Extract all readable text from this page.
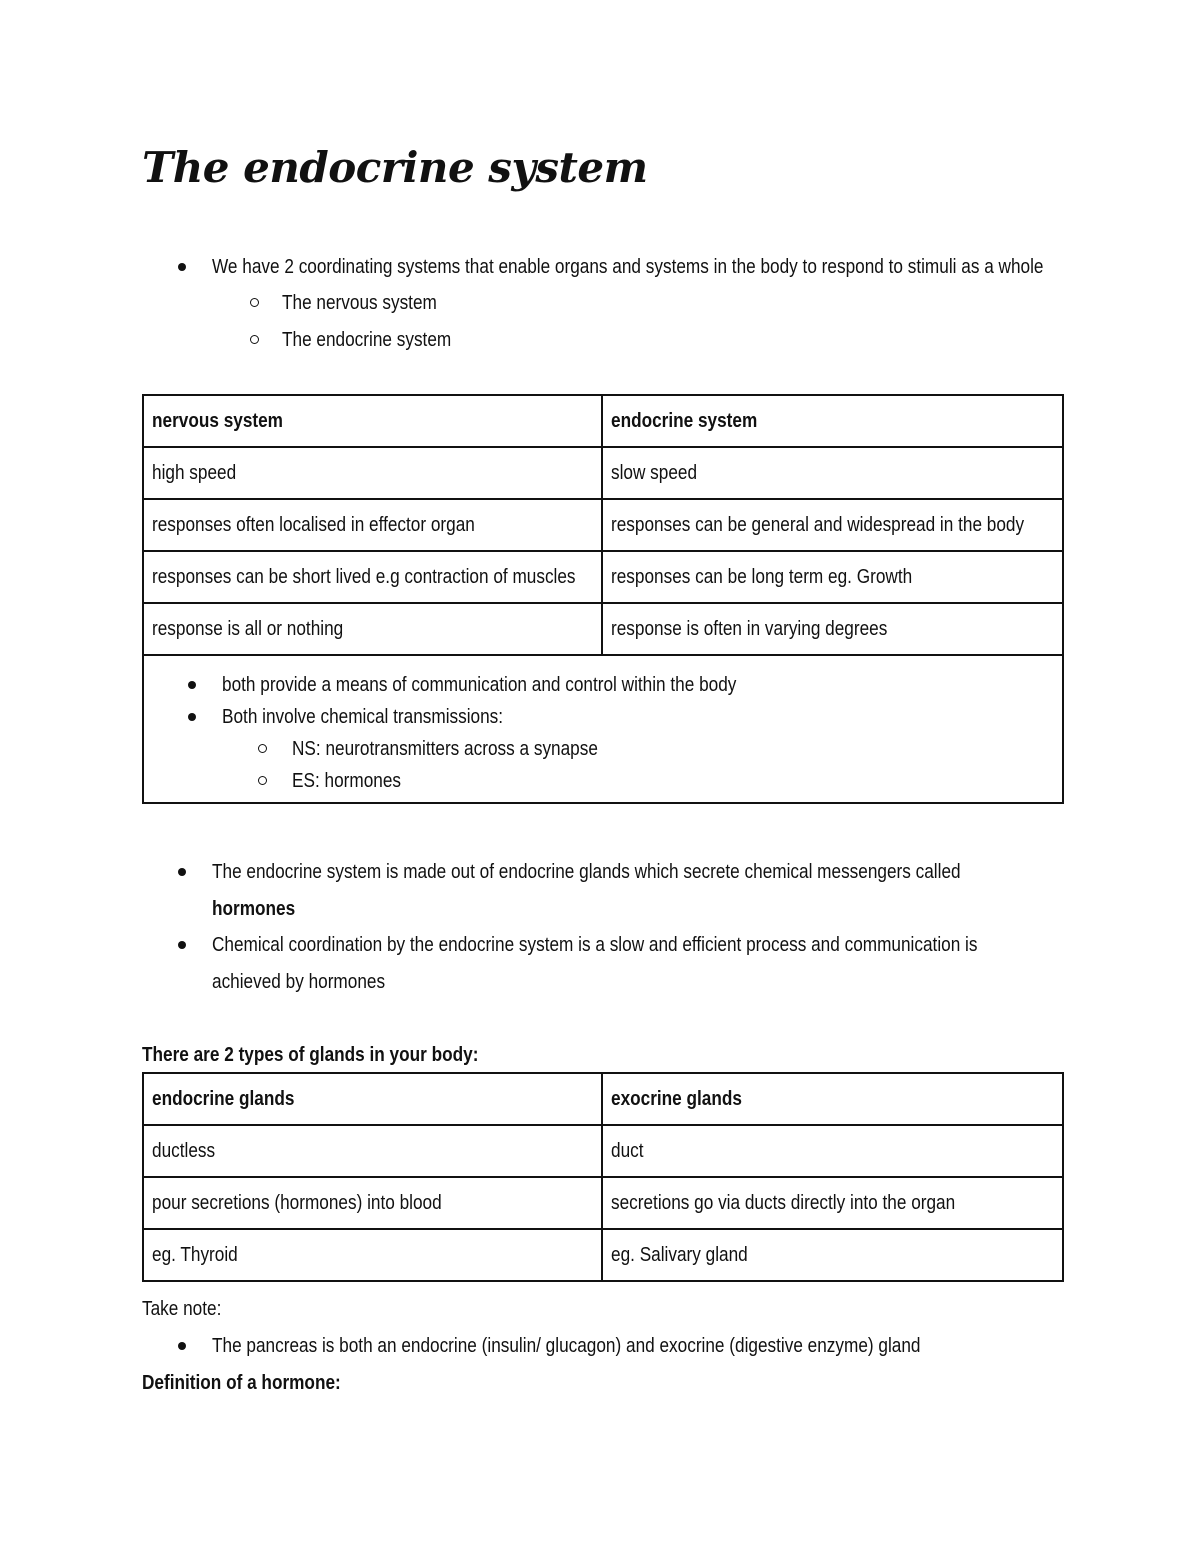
The endocrine system
We have 2 coordinating systems that enable organs and systems in the body to respond to stimuli as a whole
The nervous system
The endocrine system
nervous system	endocrine system
high speed	slow speed
responses often localised in effector organ	responses can be general and widespread in the body
responses can be short lived e.g contraction of muscles	responses can be long term eg. Growth
response is all or nothing	response is often in varying degrees

both provide a means of communication and control within the body
Both involve chemical transmissions:
NS: neurotransmitters across a synapse
ES: hormones	
The endocrine system is made out of endocrine glands which secrete chemical messengers called
hormones
Chemical coordination by the endocrine system is a slow and efficient process and communication is
achieved by hormones
There are 2 types of glands in your body:
endocrine glands	exocrine glands
ductless	duct
pour secretions (hormones) into blood	secretions go via ducts directly into the organ
eg. Thyroid	eg. Salivary gland
Take note:
The pancreas is both an endocrine (insulin/ glucagon) and exocrine (digestive enzyme) gland
Definition of a hormone:
